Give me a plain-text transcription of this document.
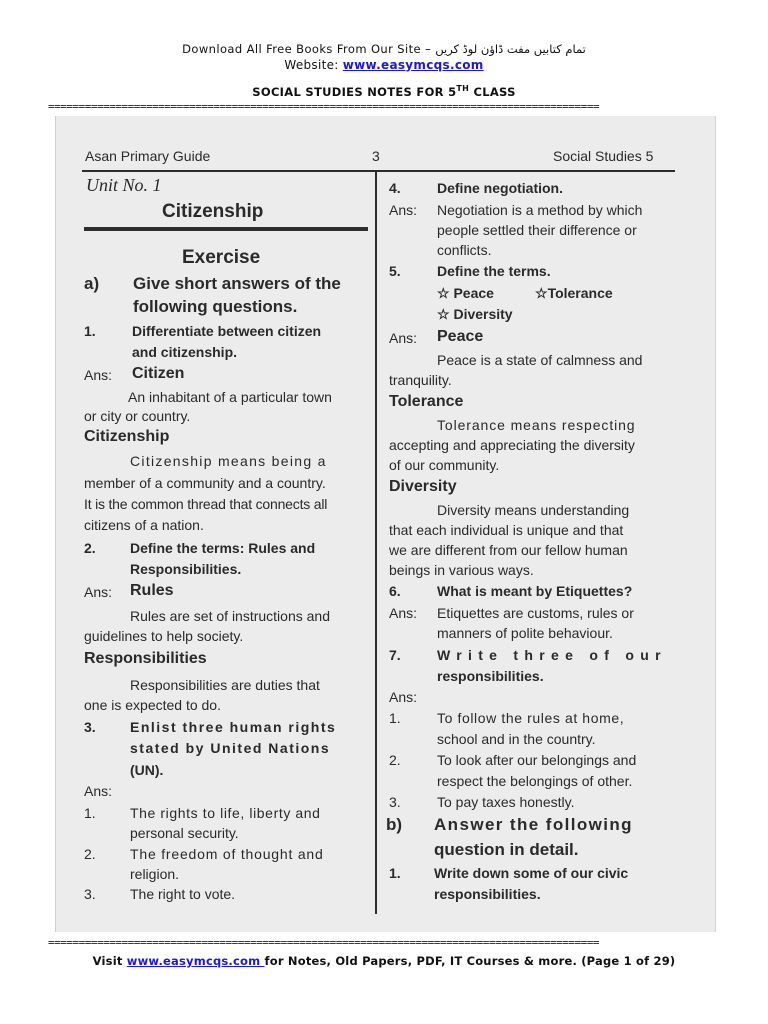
Download All Free Books From Our Site – تمام کتابیں مفت ڈاؤن لوڈ کریں
Website: www.easymcqs.com
SOCIAL STUDIES NOTES FOR 5TH CLASS
==========================================================================================
Asan Primary Guide	3	Social Studies 5
Unit No. 1
Citizenship
Exercise
a) Give short answers of the
following questions.
1.	Differentiate between citizen
and citizenship.
Ans: Citizen
An inhabitant of a particular town
or city or country.
Citizenship
Citizenship means being a
member of a community and a country.
It is the common thread that connects all
citizens of a nation.
2. Define the terms: Rules and
Responsibilities.
Ans: Rules
Rules are set of instructions and
guidelines to help society.
Responsibilities
Responsibilities are duties that
one is expected to do.
3. Enlist three human rights
stated by United Nations
(UN).
Ans:
1. The rights to life, liberty and
personal security.
2. The freedom of thought and
religion.
3. The right to vote.
4.	Define negotiation.
Ans: Negotiation is a method by which
people settled their difference or
conflicts.
5.	Define the terms.
☆ Peace	☆Tolerance
☆ Diversity
Ans: Peace
Peace is a state of calmness and
tranquility.
Tolerance
Tolerance means respecting
accepting and appreciating the diversity
of our community.
Diversity
Diversity means understanding
that each individual is unique and that
we are different from our fellow human
beings in various ways.
6.	What is meant by Etiquettes?
Ans: Etiquettes are customs, rules or
manners of polite behaviour.
7.	Write three of our
responsibilities.
Ans:
1.	To follow the rules at home,
school and in the country.
2.	To look after our belongings and
respect the belongings of other.
3.	To pay taxes honestly.
b) Answer the following
question in detail.
1. Write down some of our civic
responsibilities.
==========================================================================================
Visit www.easymcqs.com for Notes, Old Papers, PDF, IT Courses & more. (Page 1 of 29)
